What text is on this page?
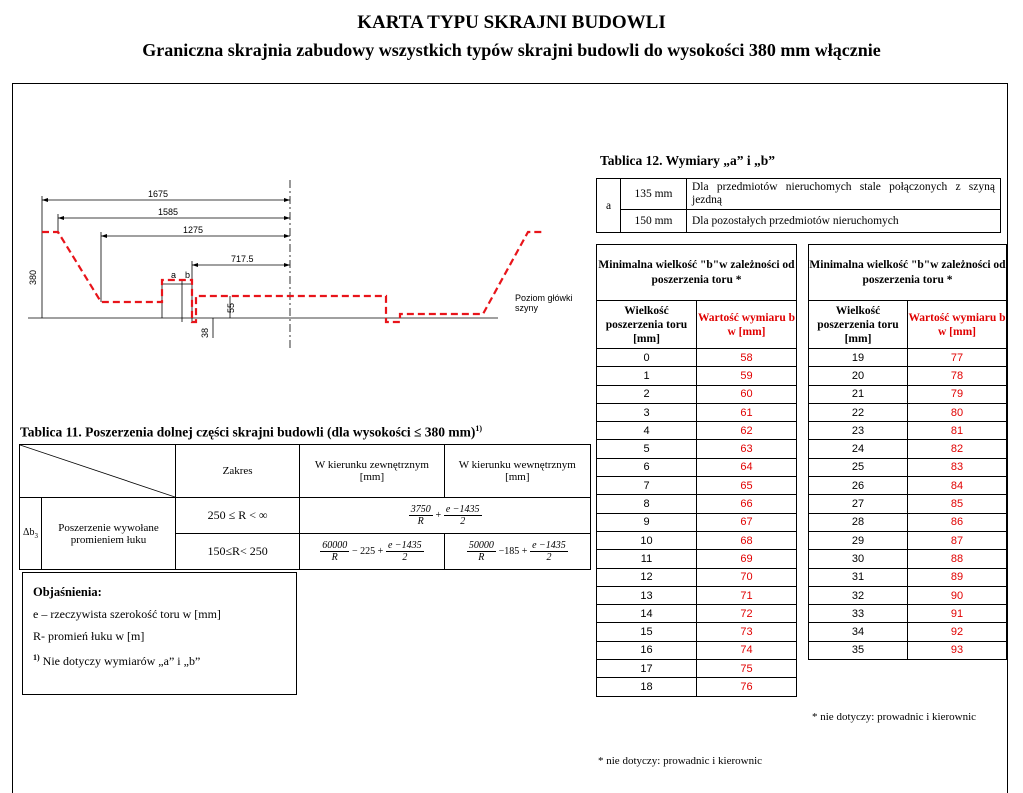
KARTA TYPU SKRAJNI BUDOWLI
Graniczna skrajnia zabudowy wszystkich typów skrajni budowli do wysokości 380 mm włącznie
1675
1585
1275
717.5
380
55
38
a b
Poziom główki
szyny
Tablica 12. Wymiary „a” i „b”
a	135 mm	Dla przedmiotów nieruchomych stale połączonych z szyną jezdną
	150 mm	Dla pozostałych przedmiotów nieruchomych
Tablica 11. Poszerzenia dolnej części skrajni budowli (dla wysokości ≤ 380 mm)$^{1)}$
	Zakres	W kierunku zewnętrznym [mm]	W kierunku wewnętrznym [mm]
$\Delta b_3$	Poszerzenie wywołane promieniem łuku	250 ≤ R < ∞	$\frac{3750}{R} + \frac{e -1435}{2}$

		150≤R< 250	$\frac{60000}{R} - 225 + \frac{e -1435}{2}$	$\frac{50000}{R} -185 + \frac{e -1435}{2}$
Objaśnienia:
e – rzeczywista szerokość toru w [mm]
R- promień łuku w [m]
$^{1)}$ Nie dotyczy wymiarów „a” i „b”
Minimalna wielkość "b"w zależności od poszerzenia toru *	
Wielkość poszerzenia toru [mm]	Wartość wymiaru b w [mm]
0	58
1	59
2	60
3	61
4	62
5	63
6	64
7	65
8	66
9	67
10	68
11	69
12	70
13	71
14	72
15	73
16	74
17	75
18	76
* nie dotyczy: prowadnic i kierownic
Minimalna wielkość "b"w zależności od poszerzenia toru *	
Wielkość poszerzenia toru [mm]	Wartość wymiaru b w [mm]
19	77
20	78
21	79
22	80
23	81
24	82
25	83
26	84
27	85
28	86
29	87
30	88
31	89
32	90
33	91
34	92
35	93
* nie dotyczy: prowadnic i kierownic
